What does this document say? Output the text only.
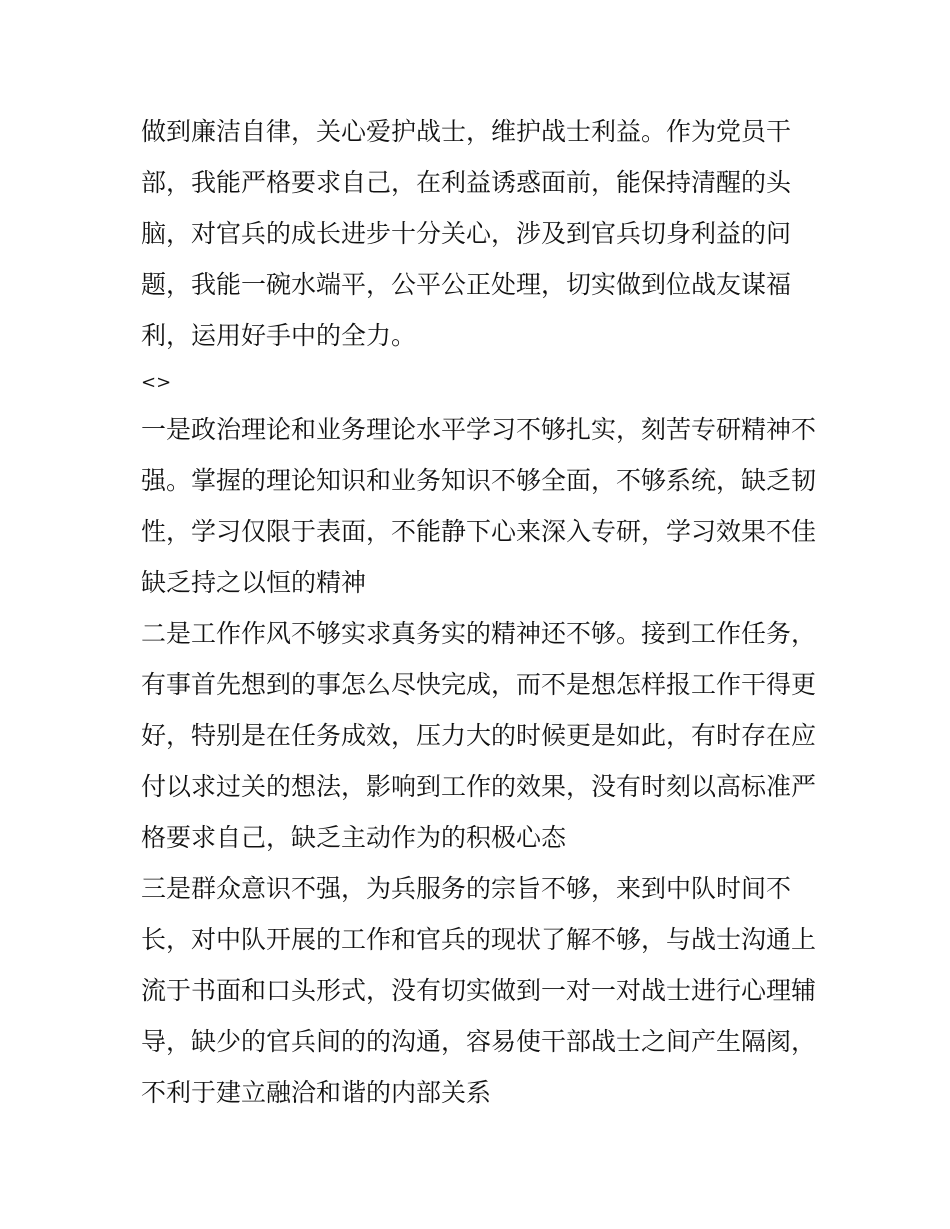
做到廉洁自律，关心爱护战士，维护战士利益。作为党员干
部，我能严格要求自己，在利益诱惑面前，能保持清醒的头
脑，对官兵的成长进步十分关心，涉及到官兵切身利益的问
题，我能一碗水端平，公平公正处理，切实做到位战友谋福
利，运用好手中的全力。
<>
一是政治理论和业务理论水平学习不够扎实，刻苦专研精神不
强。掌握的理论知识和业务知识不够全面，不够系统，缺乏韧
性，学习仅限于表面，不能静下心来深入专研，学习效果不佳
缺乏持之以恒的精神
二是工作作风不够实求真务实的精神还不够。接到工作任务，
有事首先想到的事怎么尽快完成，而不是想怎样报工作干得更
好，特别是在任务成效，压力大的时候更是如此，有时存在应
付以求过关的想法，影响到工作的效果，没有时刻以高标准严
格要求自己，缺乏主动作为的积极心态
三是群众意识不强，为兵服务的宗旨不够，来到中队时间不
长，对中队开展的工作和官兵的现状了解不够，与战士沟通上
流于书面和口头形式，没有切实做到一对一对战士进行心理辅
导，缺少的官兵间的的沟通，容易使干部战士之间产生隔阂，
不利于建立融洽和谐的内部关系
